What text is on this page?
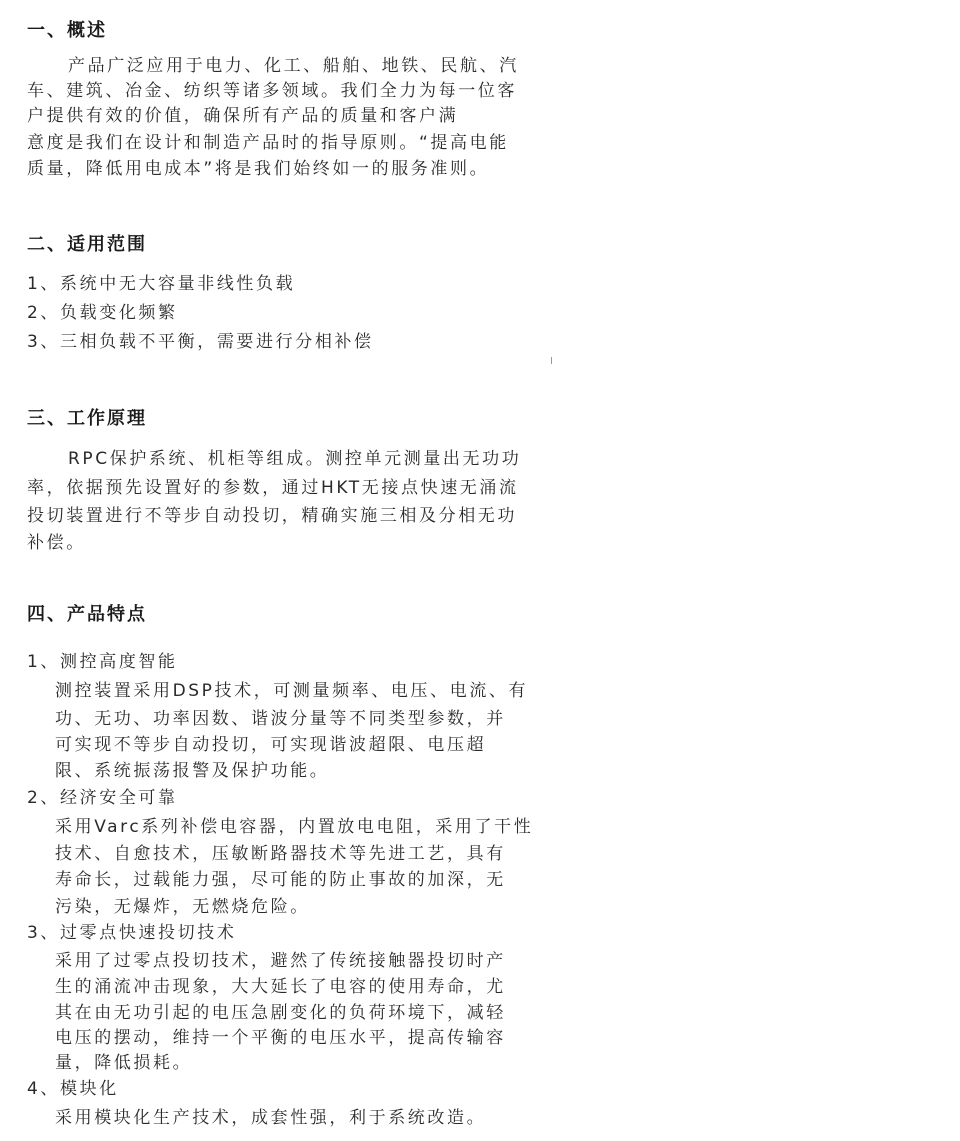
一、概述
产品广泛应用于电力、化工、船舶、地铁、民航、汽
车、建筑、冶金、纺织等诸多领域。我们全力为每一位客
户提供有效的价值，确保所有产品的质量和客户满
意度是我们在设计和制造产品时的指导原则。“提高电能
质量，降低用电成本”将是我们始终如一的服务准则。
二、适用范围
1、系统中无大容量非线性负载
2、负载变化频繁
3、三相负载不平衡，需要进行分相补偿
三、工作原理
RPC保护系统、机柜等组成。测控单元测量出无功功
率，依据预先设置好的参数，通过HKT无接点快速无涌流
投切装置进行不等步自动投切，精确实施三相及分相无功
补偿。
四、产品特点
1、测控高度智能
测控装置采用DSP技术，可测量频率、电压、电流、有
功、无功、功率因数、谐波分量等不同类型参数，并
可实现不等步自动投切，可实现谐波超限、电压超
限、系统振荡报警及保护功能。
2、经济安全可靠
采用Varc系列补偿电容器，内置放电电阻，采用了干性
技术、自愈技术，压敏断路器技术等先进工艺，具有
寿命长，过载能力强，尽可能的防止事故的加深，无
污染，无爆炸，无燃烧危险。
3、过零点快速投切技术
采用了过零点投切技术，避然了传统接触器投切时产
生的涌流冲击现象，大大延长了电容的使用寿命，尤
其在由无功引起的电压急剧变化的负荷环境下，减轻
电压的摆动，维持一个平衡的电压水平，提高传输容
量，降低损耗。
4、模块化
采用模块化生产技术，成套性强，利于系统改造。
